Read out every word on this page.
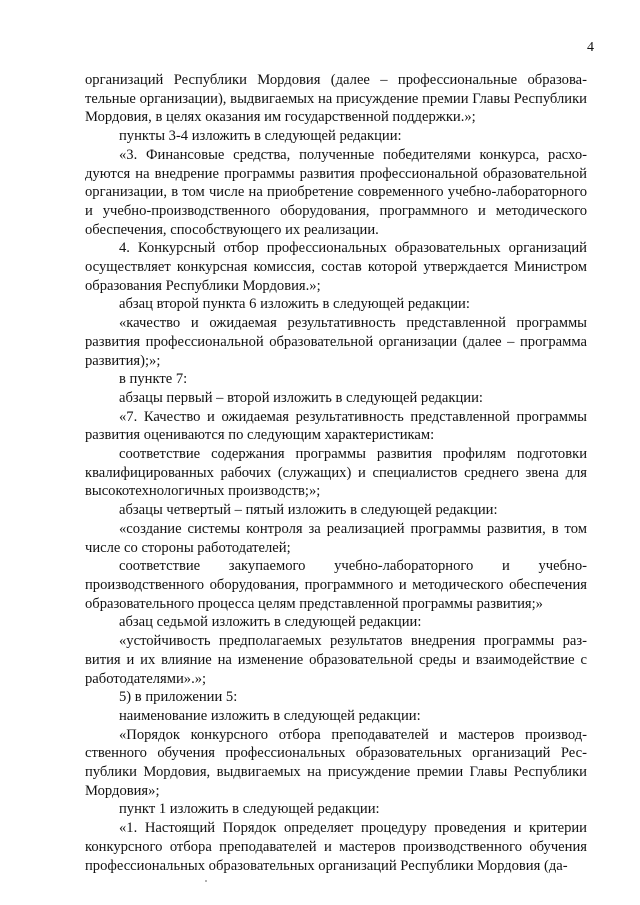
4

организаций Республики Мордовия (далее – профессиональные образовательные организации), выдвигаемых на присуждение премии Главы Республики Мордовия, в целях оказания им государственной поддержки.»;

пункты 3-4 изложить в следующей редакции:

«3. Финансовые средства, полученные победителями конкурса, расходуются на внедрение программы развития профессиональной образовательной организации, в том числе на приобретение современного учебно-лабораторного и учебно-производственного оборудования, программного и методического обеспечения, способствующего их реализации.

4. Конкурсный отбор профессиональных образовательных организаций осуществляет конкурсная комиссия, состав которой утверждается Министром образования Республики Мордовия.»;

абзац второй пункта 6 изложить в следующей редакции:

«качество и ожидаемая результативность представленной программы развития профессиональной образовательной организации (далее – программа развития);»;

в пункте 7:

абзацы первый – второй изложить в следующей редакции:

«7. Качество и ожидаемая результативность представленной программы развития оцениваются по следующим характеристикам:

соответствие содержания программы развития профилям подготовки квалифицированных рабочих (служащих) и специалистов среднего звена для высокотехнологичных производств;»;

абзацы четвертый – пятый изложить в следующей редакции:

«создание системы контроля за реализацией программы развития, в том числе со стороны работодателей;

соответствие закупаемого учебно-лабораторного и учебно-производственного оборудования, программного и методического обеспечения образовательного процесса целям представленной программы развития;»

абзац седьмой изложить в следующей редакции:

«устойчивость предполагаемых результатов внедрения программы развития и их влияние на изменение образовательной среды и взаимодействие с работодателями».»;

5) в приложении 5:

наименование изложить в следующей редакции:

«Порядок конкурсного отбора преподавателей и мастеров производственного обучения профессиональных образовательных организаций Республики Мордовия, выдвигаемых на присуждение премии Главы Республики Мордовия»;

пункт 1 изложить в следующей редакции:

«1. Настоящий Порядок определяет процедуру проведения и критерии конкурсного отбора преподавателей и мастеров производственного обучения профессиональных образовательных организаций Республики Мордовия (да-
